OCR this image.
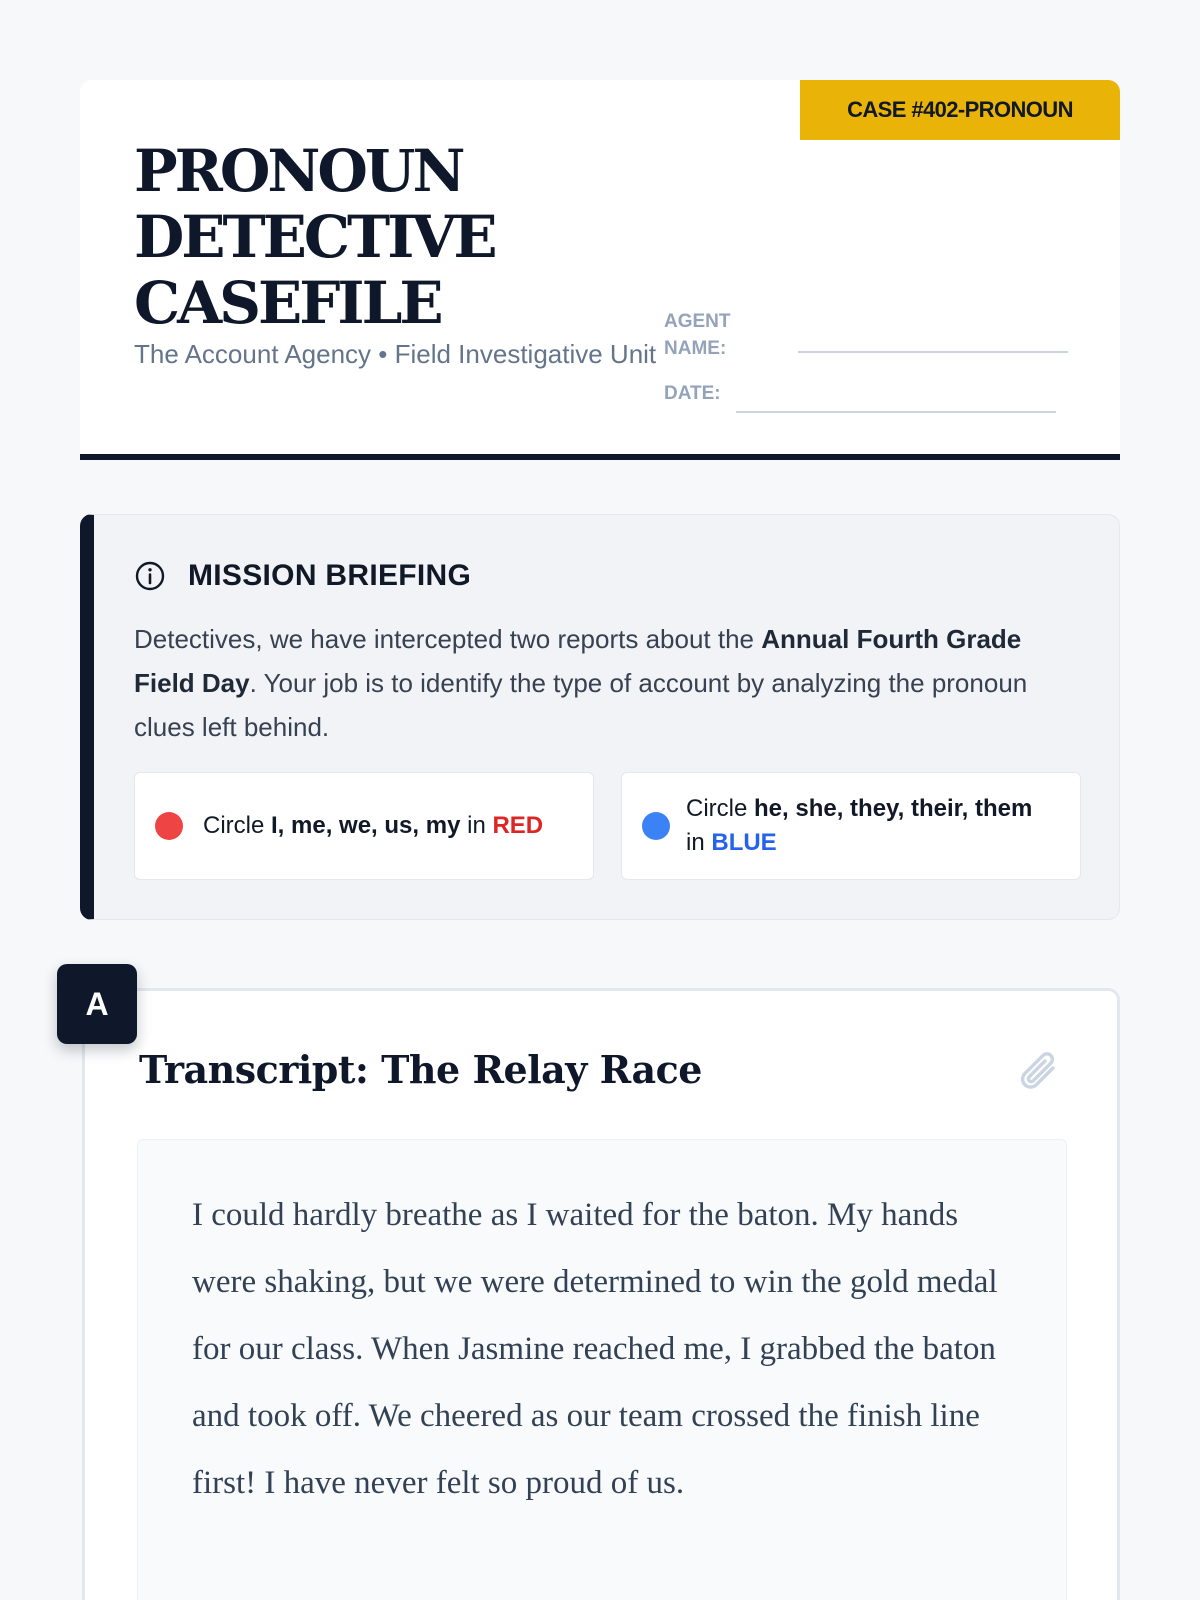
CASE #402-PRONOUN
PRONOUN
DETECTIVE
CASEFILE
The Account Agency • Field Investigative Unit
AGENT NAME:
DATE:
MISSION BRIEFING

Detectives, we have intercepted two reports about the Annual Fourth Grade Field Day. Your job is to identify the type of account by analyzing the pronoun clues left behind.

Circle I, me, we, us, my in RED
Circle he, she, they, their, them
in BLUE
Transcript: The Relay Race

I could hardly breathe as I waited for the baton. My hands were shaking, but we were determined to win the gold medal for our class. When Jasmine reached me, I grabbed the baton and took off. We cheered as our team crossed the finish line first! I have never felt so proud of us.

A
